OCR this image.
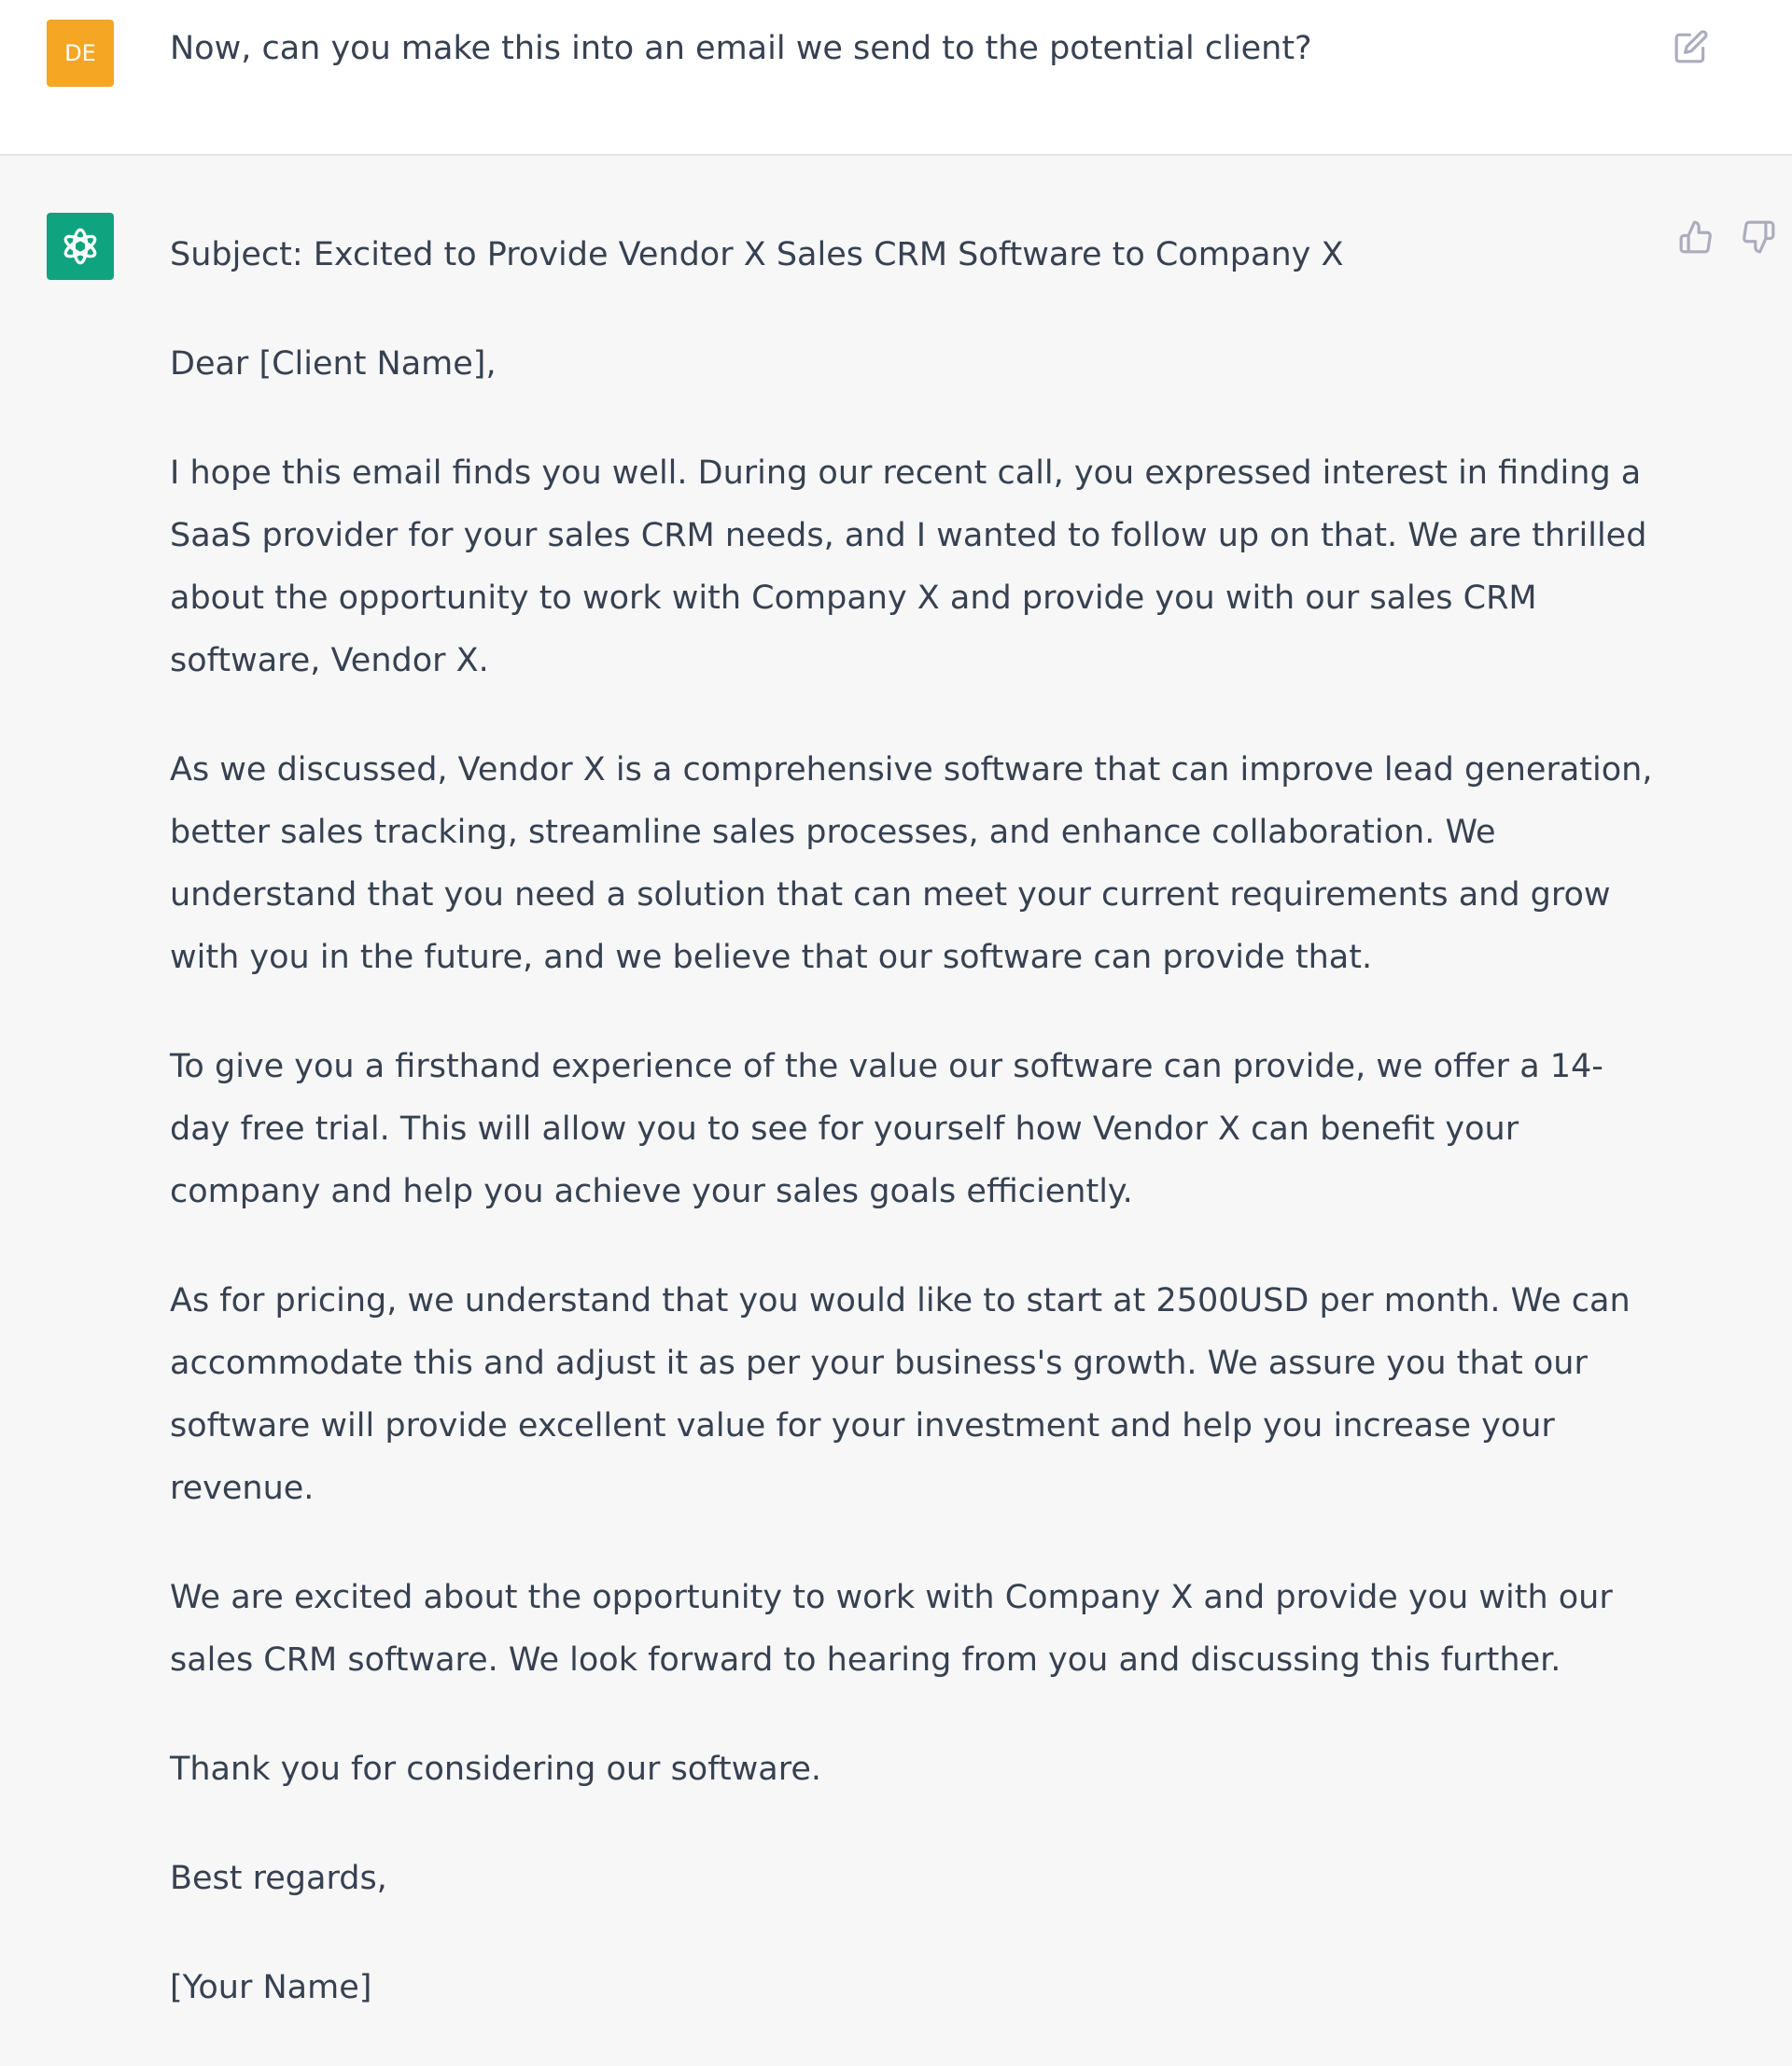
DE Now, can you make this into an email we send to the potential client?

Subject: Excited to Provide Vendor X Sales CRM Software to Company X

Dear [Client Name],

I hope this email finds you well. During our recent call, you expressed interest in finding a SaaS provider for your sales CRM needs, and I wanted to follow up on that. We are thrilled about the opportunity to work with Company X and provide you with our sales CRM software, Vendor X.

As we discussed, Vendor X is a comprehensive software that can improve lead generation, better sales tracking, streamline sales processes, and enhance collaboration. We understand that you need a solution that can meet your current requirements and grow with you in the future, and we believe that our software can provide that.

To give you a firsthand experience of the value our software can provide, we offer a 14-day free trial. This will allow you to see for yourself how Vendor X can benefit your company and help you achieve your sales goals efficiently.

As for pricing, we understand that you would like to start at 2500USD per month. We can accommodate this and adjust it as per your business's growth. We assure you that our software will provide excellent value for your investment and help you increase your revenue.

We are excited about the opportunity to work with Company X and provide you with our sales CRM software. We look forward to hearing from you and discussing this further.

Thank you for considering our software.

Best regards,

[Your Name]
